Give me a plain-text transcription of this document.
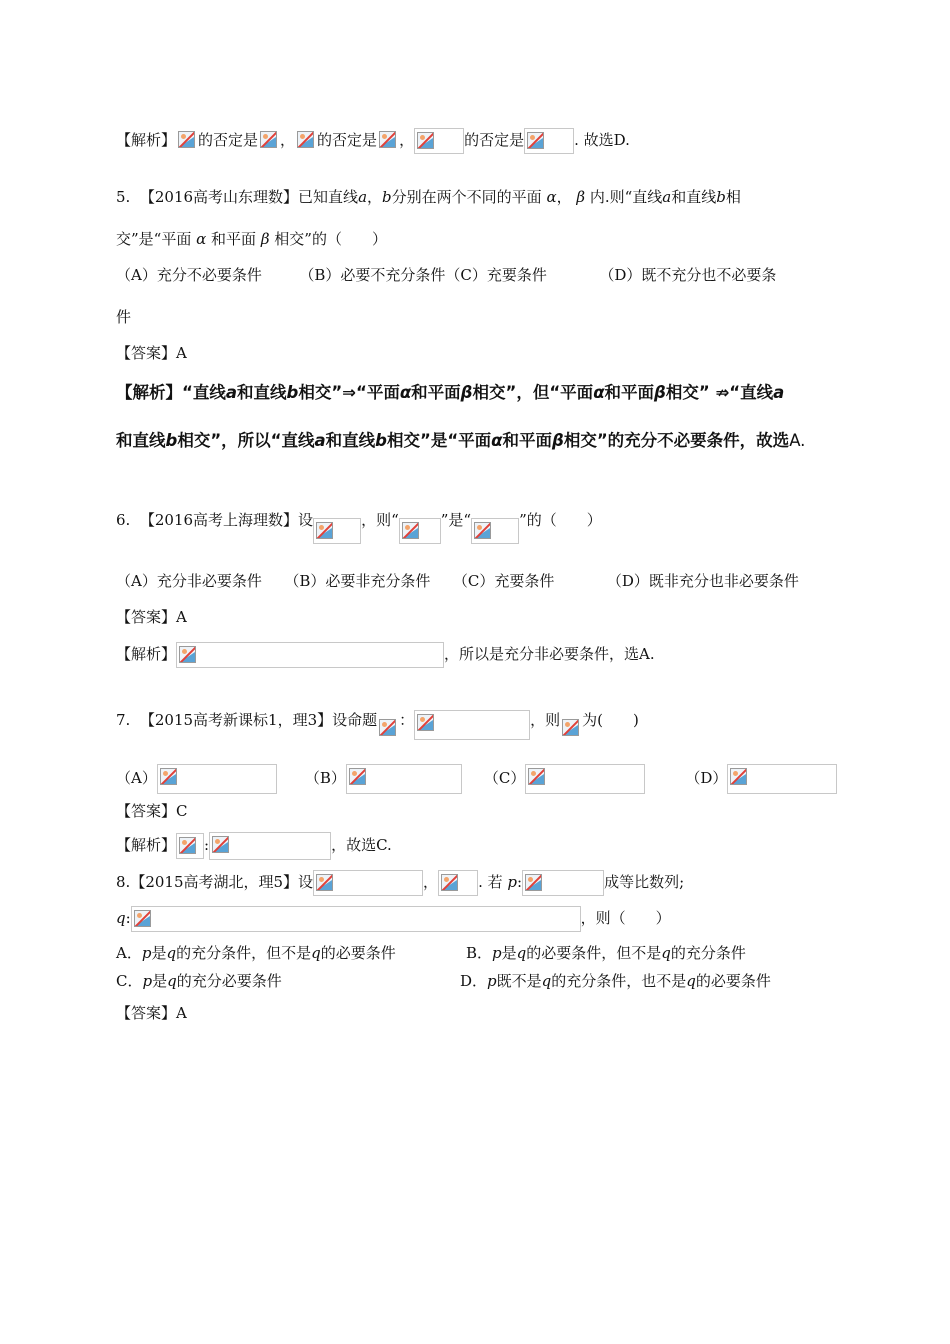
【解析】 的否定是 ， 的否定是 ，	的否定是	. 故选D.
5. 【2016高考山东理数】已知直线a，b分别在两个不同的平面 α， β 内.则“直线a和直线b相
交”是“平面 α 和平面 β 相交”的（　　）
（A）充分不必要条件　　　（B）必要不充分条件（C）充要条件　　　　（D）既不充分也不必要条
件
【答案】A
【解析】“直线a和直线b相交”⇒“平面α和平面β相交”，但“平面α和平面β相交” ⇏“直线a
和直线b相交”，所以“直线a和直线b相交”是“平面α和平面β相交”的充分不必要条件，故选A.
6. 【2016高考上海理数】设	，则“	”是“	”的（　　）
（A）充分非必要条件　　（B）必要非充分条件　　（C）充要条件　　　　（D）既非充分也非必要条件
【答案】A
【解析】	，所以是充分非必要条件，选A.
7. 【2015高考新课标1，理3】设命题 ：	，则 为(　　)
（A）	（B）	（C）	（D）
【答案】C
【解析】 :	，故选C.
8.【2015高考湖北，理5】设	，	. 若 p:	成等比数列;
q:	，则（　　）
A．p是q的充分条件，但不是q的必要条件	B．p是q的必要条件，但不是q的充分条件
C．p是q的充分必要条件	D．p既不是q的充分条件，也不是q的必要条件
【答案】A
